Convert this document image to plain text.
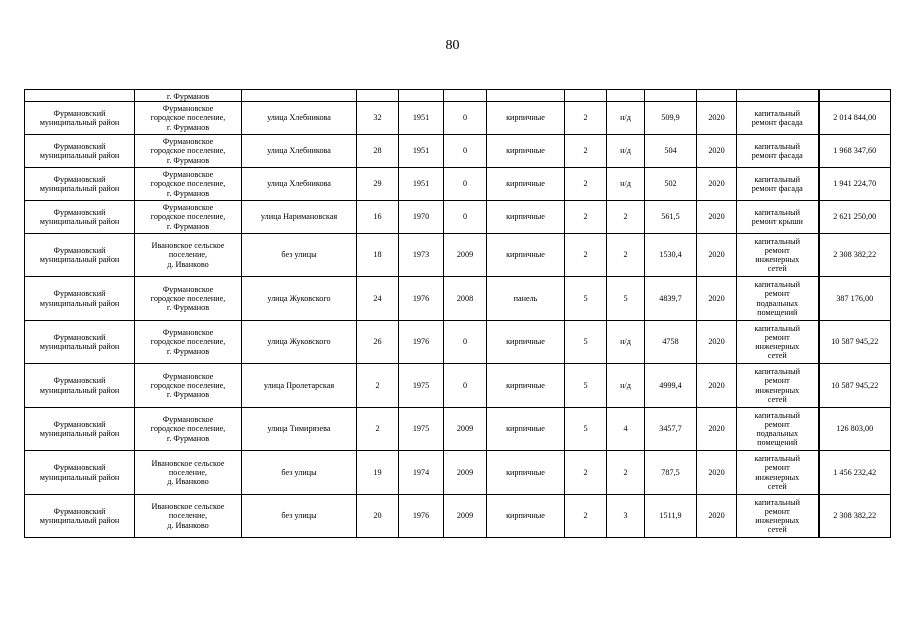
80

	г. Фурманов											

Фурмановский
муниципальный район	Фурмановское
городское поселение,
г. Фурманов	улица Хлебникова	32	1951	0	кирпичные	2	н/д	509,9	2020	капитальный
ремонт фасада	2 014 844,00

Фурмановский
муниципальный район	Фурмановское
городское поселение,
г. Фурманов	улица Хлебникова	28	1951	0	кирпичные	2	н/д	504	2020	капитальный
ремонт фасада	1 968 347,60

Фурмановский
муниципальный район	Фурмановское
городское поселение,
г. Фурманов	улица Хлебникова	29	1951	0	кирпичные	2	н/д	502	2020	капитальный
ремонт фасада	1 941 224,70

Фурмановский
муниципальный район	Фурмановское
городское поселение,
г. Фурманов	улица Наримановская	16	1970	0	кирпичные	2	2	561,5	2020	капитальный
ремонт крыши	2 621 250,00

Фурмановский
муниципальный район	Ивановское сельское
поселение,
д. Иванково	без улицы	18	1973	2009	кирпичные	2	2	1530,4	2020	капитальный
ремонт
инженерных
сетей	2 308 382,22

Фурмановский
муниципальный район	Фурмановское
городское поселение,
г. Фурманов	улица Жуковского	24	1976	2008	панель	5	5	4839,7	2020	капитальный
ремонт
подвальных
помещений	387 176,00

Фурмановский
муниципальный район	Фурмановское
городское поселение,
г. Фурманов	улица Жуковского	26	1976	0	кирпичные	5	н/д	4758	2020	капитальный
ремонт
инженерных
сетей	10 587 945,22

Фурмановский
муниципальный район	Фурмановское
городское поселение,
г. Фурманов	улица Пролетарская	2	1975	0	кирпичные	5	н/д	4999,4	2020	капитальный
ремонт
инженерных
сетей	10 587 945,22

Фурмановский
муниципальный район	Фурмановское
городское поселение,
г. Фурманов	улица Тимирязева	2	1975	2009	кирпичные	5	4	3457,7	2020	капитальный
ремонт
подвальных
помещений	126 803,00

Фурмановский
муниципальный район	Ивановское сельское
поселение,
д. Иванково	без улицы	19	1974	2009	кирпичные	2	2	787,5	2020	капитальный
ремонт
инженерных
сетей	1 456 232,42

Фурмановский
муниципальный район	Ивановское сельское
поселение,
д. Иванково	без улицы	20	1976	2009	кирпичные	2	3	1511,9	2020	капитальный
ремонт
инженерных
сетей	2 308 382,22
